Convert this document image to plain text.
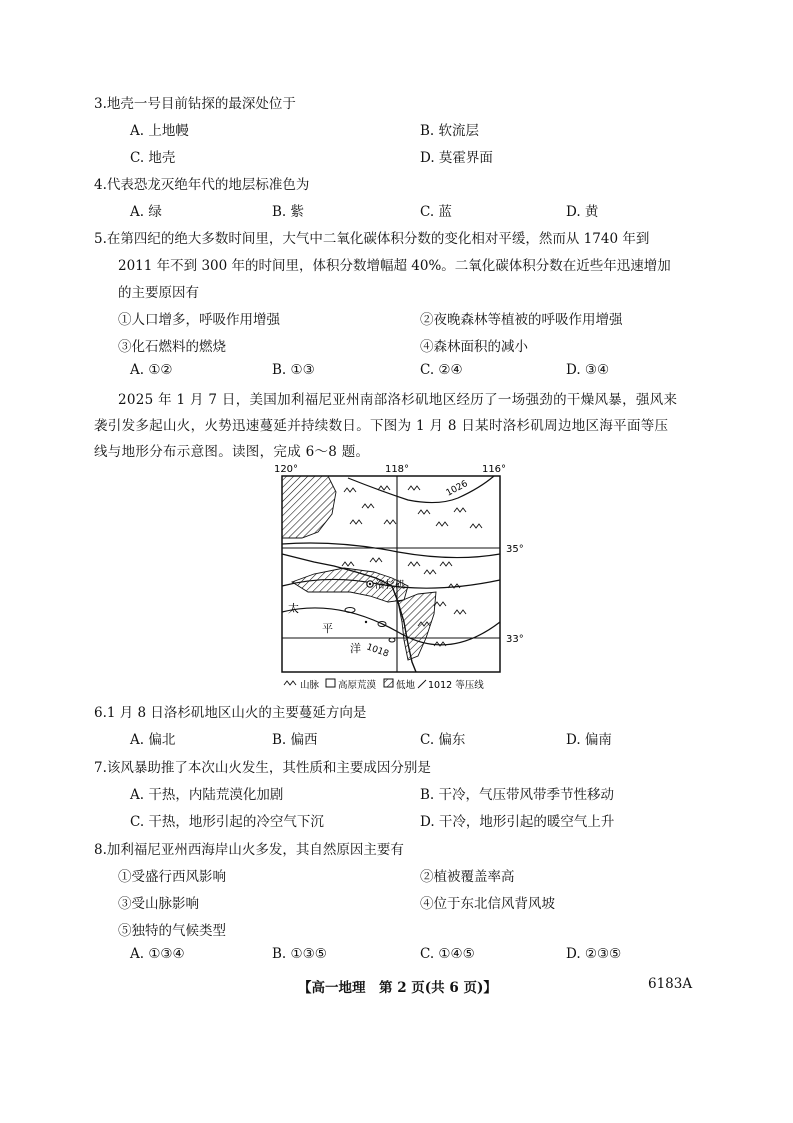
3.地壳一号目前钻探的最深处位于
A. 上地幔	B. 软流层
C. 地壳	D. 莫霍界面
4.代表恐龙灭绝年代的地层标准色为
A. 绿	B. 紫	C. 蓝	D. 黄
5.在第四纪的绝大多数时间里，大气中二氧化碳体积分数的变化相对平缓，然而从 1740 年到
2011 年不到 300 年的时间里，体积分数增幅超 40%。二氧化碳体积分数在近些年迅速增加
的主要原因有
①人口增多，呼吸作用增强	②夜晚森林等植被的呼吸作用增强
③化石燃料的燃烧	④森林面积的减小
A. ①②	B. ①③	C. ②④	D. ③④
2025 年 1 月 7 日，美国加利福尼亚州南部洛杉矶地区经历了一场强劲的干燥风暴，强风来
袭引发多起山火，火势迅速蔓延并持续数日。下图为 1 月 8 日某时洛杉矶周边地区海平面等压
线与地形分布示意图。读图，完成 6～8 题。
120°	118°	116°
35°
33°
1026
1018
洛杉矶
太
平
洋
山脉 高原荒漠 低地 1012 等压线
6.1 月 8 日洛杉矶地区山火的主要蔓延方向是
A. 偏北	B. 偏西	C. 偏东	D. 偏南
7.该风暴助推了本次山火发生，其性质和主要成因分别是
A. 干热，内陆荒漠化加剧	B. 干冷，气压带风带季节性移动
C. 干热，地形引起的冷空气下沉	D. 干冷，地形引起的暖空气上升
8.加利福尼亚州西海岸山火多发，其自然原因主要有
①受盛行西风影响	②植被覆盖率高
③受山脉影响	④位于东北信风背风坡
⑤独特的气候类型
A. ①③④	B. ①③⑤	C. ①④⑤	D. ②③⑤
【高一地理　第 2 页(共 6 页)】	6183A
